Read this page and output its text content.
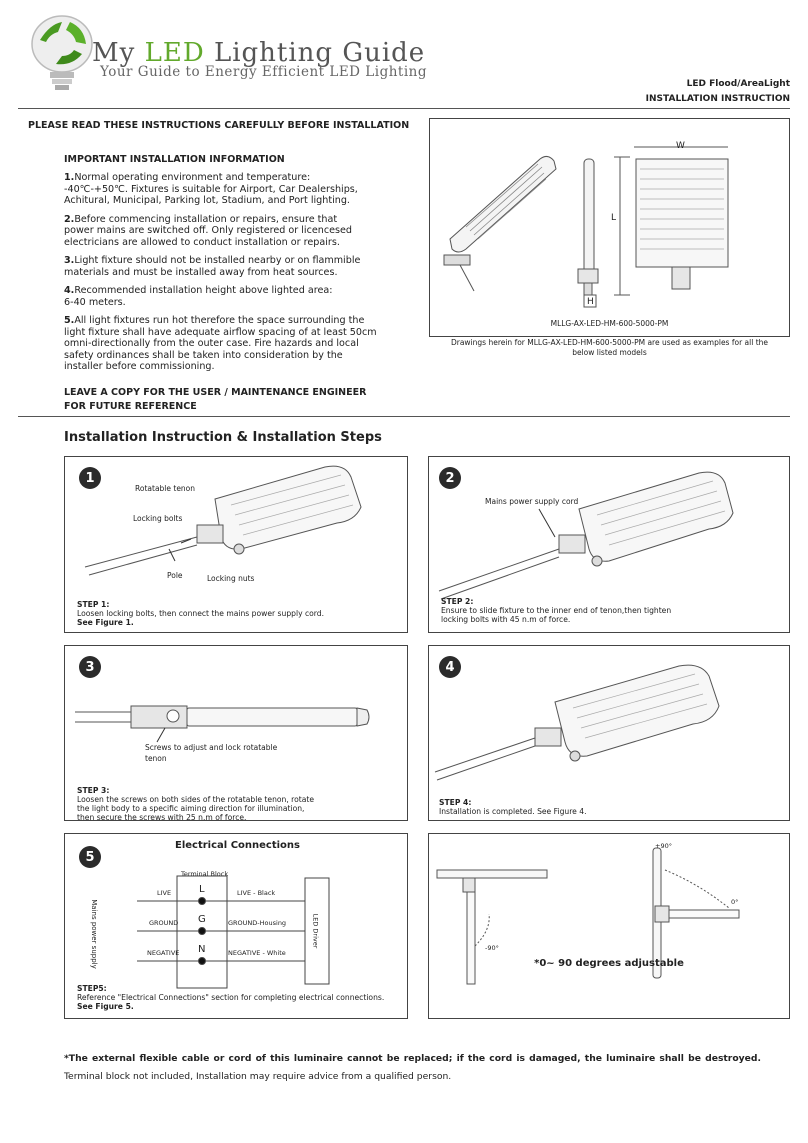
My LED Lighting Guide
Your Guide to Energy Efficient LED Lighting
LED Flood/AreaLight
INSTALLATION INSTRUCTION
PLEASE READ THESE INSTRUCTIONS CAREFULLY BEFORE INSTALLATION
IMPORTANT INSTALLATION INFORMATION

1.Normal operating environment and temperature:
-40℃-+50℃. Fixtures is suitable for Airport, Car Dealerships,
Achitural, Municipal, Parking lot, Stadium, and Port lighting.

2.Before commencing installation or repairs, ensure that
power mains are switched off. Only registered or licencesed
electricians are allowed to conduct installation or repairs.

3.Light fixture should not be installed nearby or on flammible
materials and must be installed away from heat sources.

4.Recommended installation height above lighted area:
6-40 meters.

5.All light fixtures run hot therefore the space surrounding the
light fixture shall have adequate airflow spacing of at least 50cm
omni-directionally from the outer case. Fire hazards and local
safety ordinances shall be taken into consideration by the
installer before commissioning.

W
L
H
MLLG-AX-LED-HM-600-5000-PM
Drawings herein for MLLG-AX-LED-HM-600-5000-PM are used as examples for all the
below listed models
LEAVE A COPY FOR THE USER / MAINTENANCE ENGINEER
FOR FUTURE REFERENCE
Installation Instruction & Installation Steps
1
Rotatable tenon
Locking bolts
Pole	Locking nuts
STEP 1:
Loosen locking bolts, then connect the mains power supply cord.
See Figure 1.
2
Mains power supply cord
STEP 2:
Ensure to slide fixture to the inner end of tenon,then tighten
locking bolts with 45 n.m of force.
3
Screws to adjust and lock rotatable
tenon
STEP 3:
Loosen the screws on both sides of the rotatable tenon, rotate
the light body to a specific aiming direction for illumination,
then secure the screws with 25 n.m of force.
4
STEP 4:
Installation is completed. See Figure 4.
5
Electrical Connections
Terminal Block
Mains power supply	LED Driver
LIVE	L	LIVE - Black
GROUND G	GROUND-Housing
NEGATIVE N	NEGATIVE - White
STEP5:
Reference "Electrical Connections" section for completing electrical connections.
See Figure 5.
+90°
-90°
0°
*0~ 90 degrees adjustable
*The external flexible cable or cord of this luminaire cannot be replaced; if the cord is damaged, the luminaire shall be destroyed.
Terminal block not included, Installation may require advice from a qualified person.
